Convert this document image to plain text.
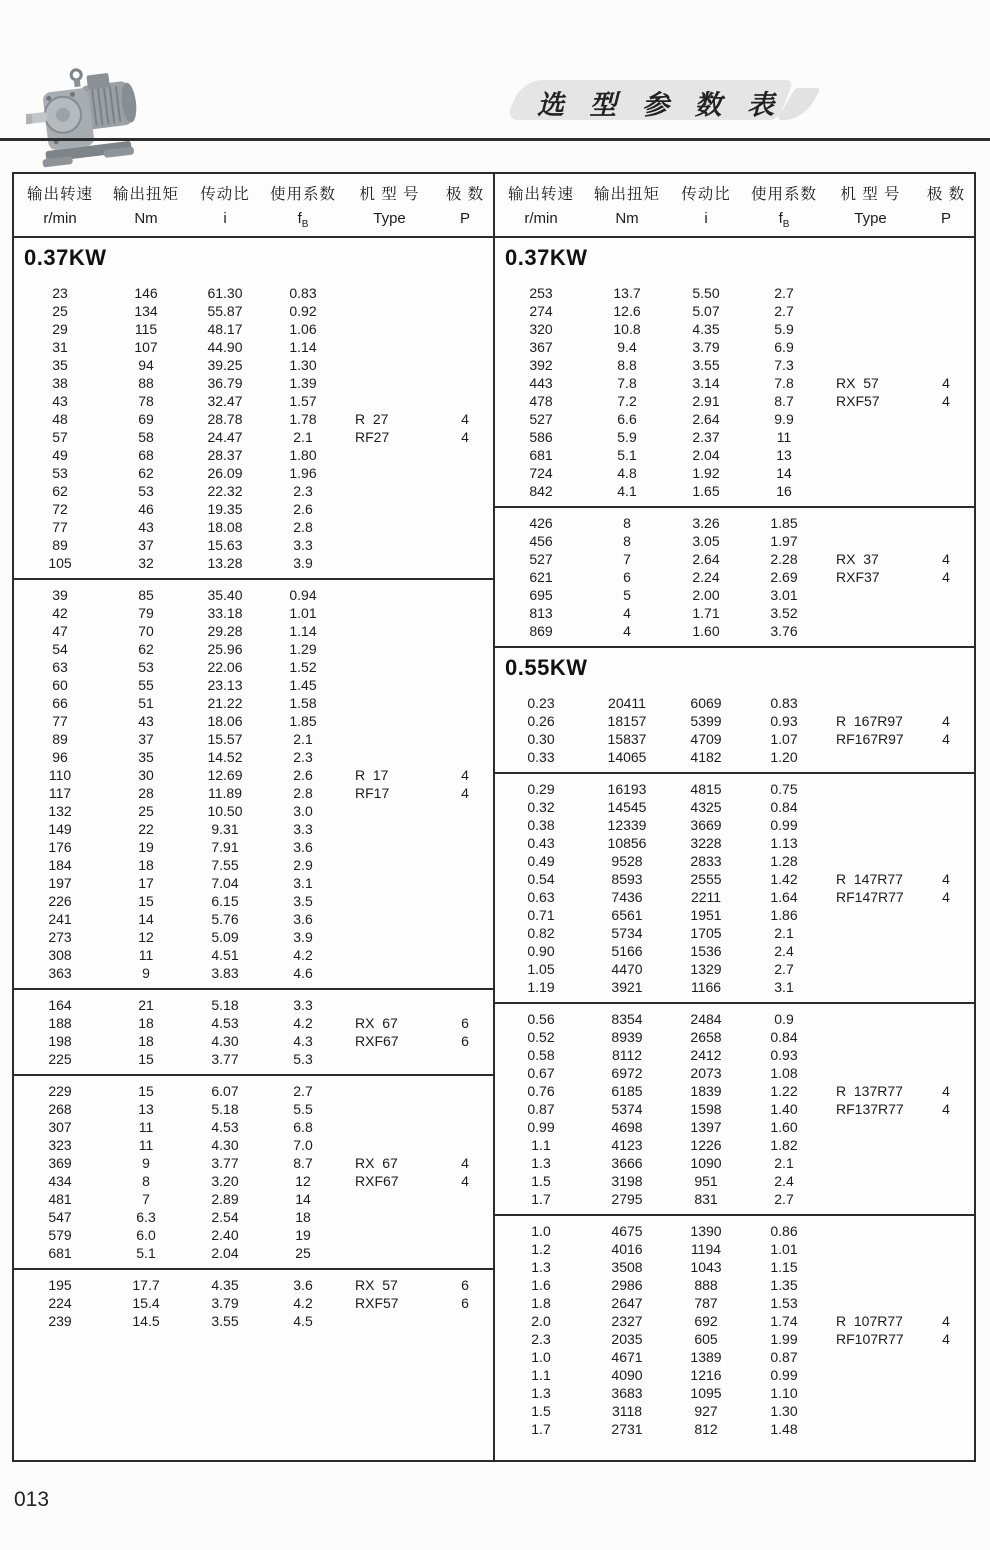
选 型 参 数 表
输出转速	输出扭矩	传动比	使用系数	机 型 号	极 数
r/min	Nm	i	$f_B$	Type	P
0.37KW
23	146	61.30	0.83
25	134	55.87	0.92
29	115	48.17	1.06
31	107	44.90	1.14
35	94	39.25	1.30
38	88	36.79	1.39
43	78	32.47	1.57
48	69	28.78	1.78	R  27	4
57	58	24.47	2.1	RF27	4
49	68	28.37	1.80
53	62	26.09	1.96
62	53	22.32	2.3
72	46	19.35	2.6
77	43	18.08	2.8
89	37	15.63	3.3
105	32	13.28	3.9
39	85	35.40	0.94
42	79	33.18	1.01
47	70	29.28	1.14
54	62	25.96	1.29
63	53	22.06	1.52
60	55	23.13	1.45
66	51	21.22	1.58
77	43	18.06	1.85
89	37	15.57	2.1
96	35	14.52	2.3
110	30	12.69	2.6	R  17	4
117	28	11.89	2.8	RF17	4
132	25	10.50	3.0
149	22	9.31	3.3
176	19	7.91	3.6
184	18	7.55	2.9
197	17	7.04	3.1
226	15	6.15	3.5
241	14	5.76	3.6
273	12	5.09	3.9
308	11	4.51	4.2
363	9	3.83	4.6
164	21	5.18	3.3
188	18	4.53	4.2	RX  67	6
198	18	4.30	4.3	RXF67	6
225	15	3.77	5.3
229	15	6.07	2.7
268	13	5.18	5.5
307	11	4.53	6.8
323	11	4.30	7.0
369	9	3.77	8.7	RX  67	4
434	8	3.20	12	RXF67	4
481	7	2.89	14
547	6.3	2.54	18
579	6.0	2.40	19
681	5.1	2.04	25
195	17.7	4.35	3.6	RX  57	6
224	15.4	3.79	4.2	RXF57	6
239	14.5	3.55	4.5
输出转速	输出扭矩	传动比	使用系数	机 型 号	极 数
r/min	Nm	i	$f_B$	Type	P
0.37KW
253	13.7	5.50	2.7
274	12.6	5.07	2.7
320	10.8	4.35	5.9
367	9.4	3.79	6.9
392	8.8	3.55	7.3
443	7.8	3.14	7.8	RX  57	4
478	7.2	2.91	8.7	RXF57	4
527	6.6	2.64	9.9
586	5.9	2.37	11
681	5.1	2.04	13
724	4.8	1.92	14
842	4.1	1.65	16
426	8	3.26	1.85
456	8	3.05	1.97
527	7	2.64	2.28	RX  37	4
621	6	2.24	2.69	RXF37	4
695	5	2.00	3.01
813	4	1.71	3.52
869	4	1.60	3.76
0.55KW
0.23	20411	6069	0.83
0.26	18157	5399	0.93	R  167R97	4
0.30	15837	4709	1.07	RF167R97	4
0.33	14065	4182	1.20
0.29	16193	4815	0.75
0.32	14545	4325	0.84
0.38	12339	3669	0.99
0.43	10856	3228	1.13
0.49	9528	2833	1.28
0.54	8593	2555	1.42	R  147R77	4
0.63	7436	2211	1.64	RF147R77	4
0.71	6561	1951	1.86
0.82	5734	1705	2.1
0.90	5166	1536	2.4
1.05	4470	1329	2.7
1.19	3921	1166	3.1
0.56	8354	2484	0.9
0.52	8939	2658	0.84
0.58	8112	2412	0.93
0.67	6972	2073	1.08
0.76	6185	1839	1.22	R  137R77	4
0.87	5374	1598	1.40	RF137R77	4
0.99	4698	1397	1.60
1.1	4123	1226	1.82
1.3	3666	1090	2.1
1.5	3198	951	2.4
1.7	2795	831	2.7
1.0	4675	1390	0.86
1.2	4016	1194	1.01
1.3	3508	1043	1.15
1.6	2986	888	1.35
1.8	2647	787	1.53
2.0	2327	692	1.74	R  107R77	4
2.3	2035	605	1.99	RF107R77	4
1.0	4671	1389	0.87
1.1	4090	1216	0.99
1.3	3683	1095	1.10
1.5	3118	927	1.30
1.7	2731	812	1.48
013
